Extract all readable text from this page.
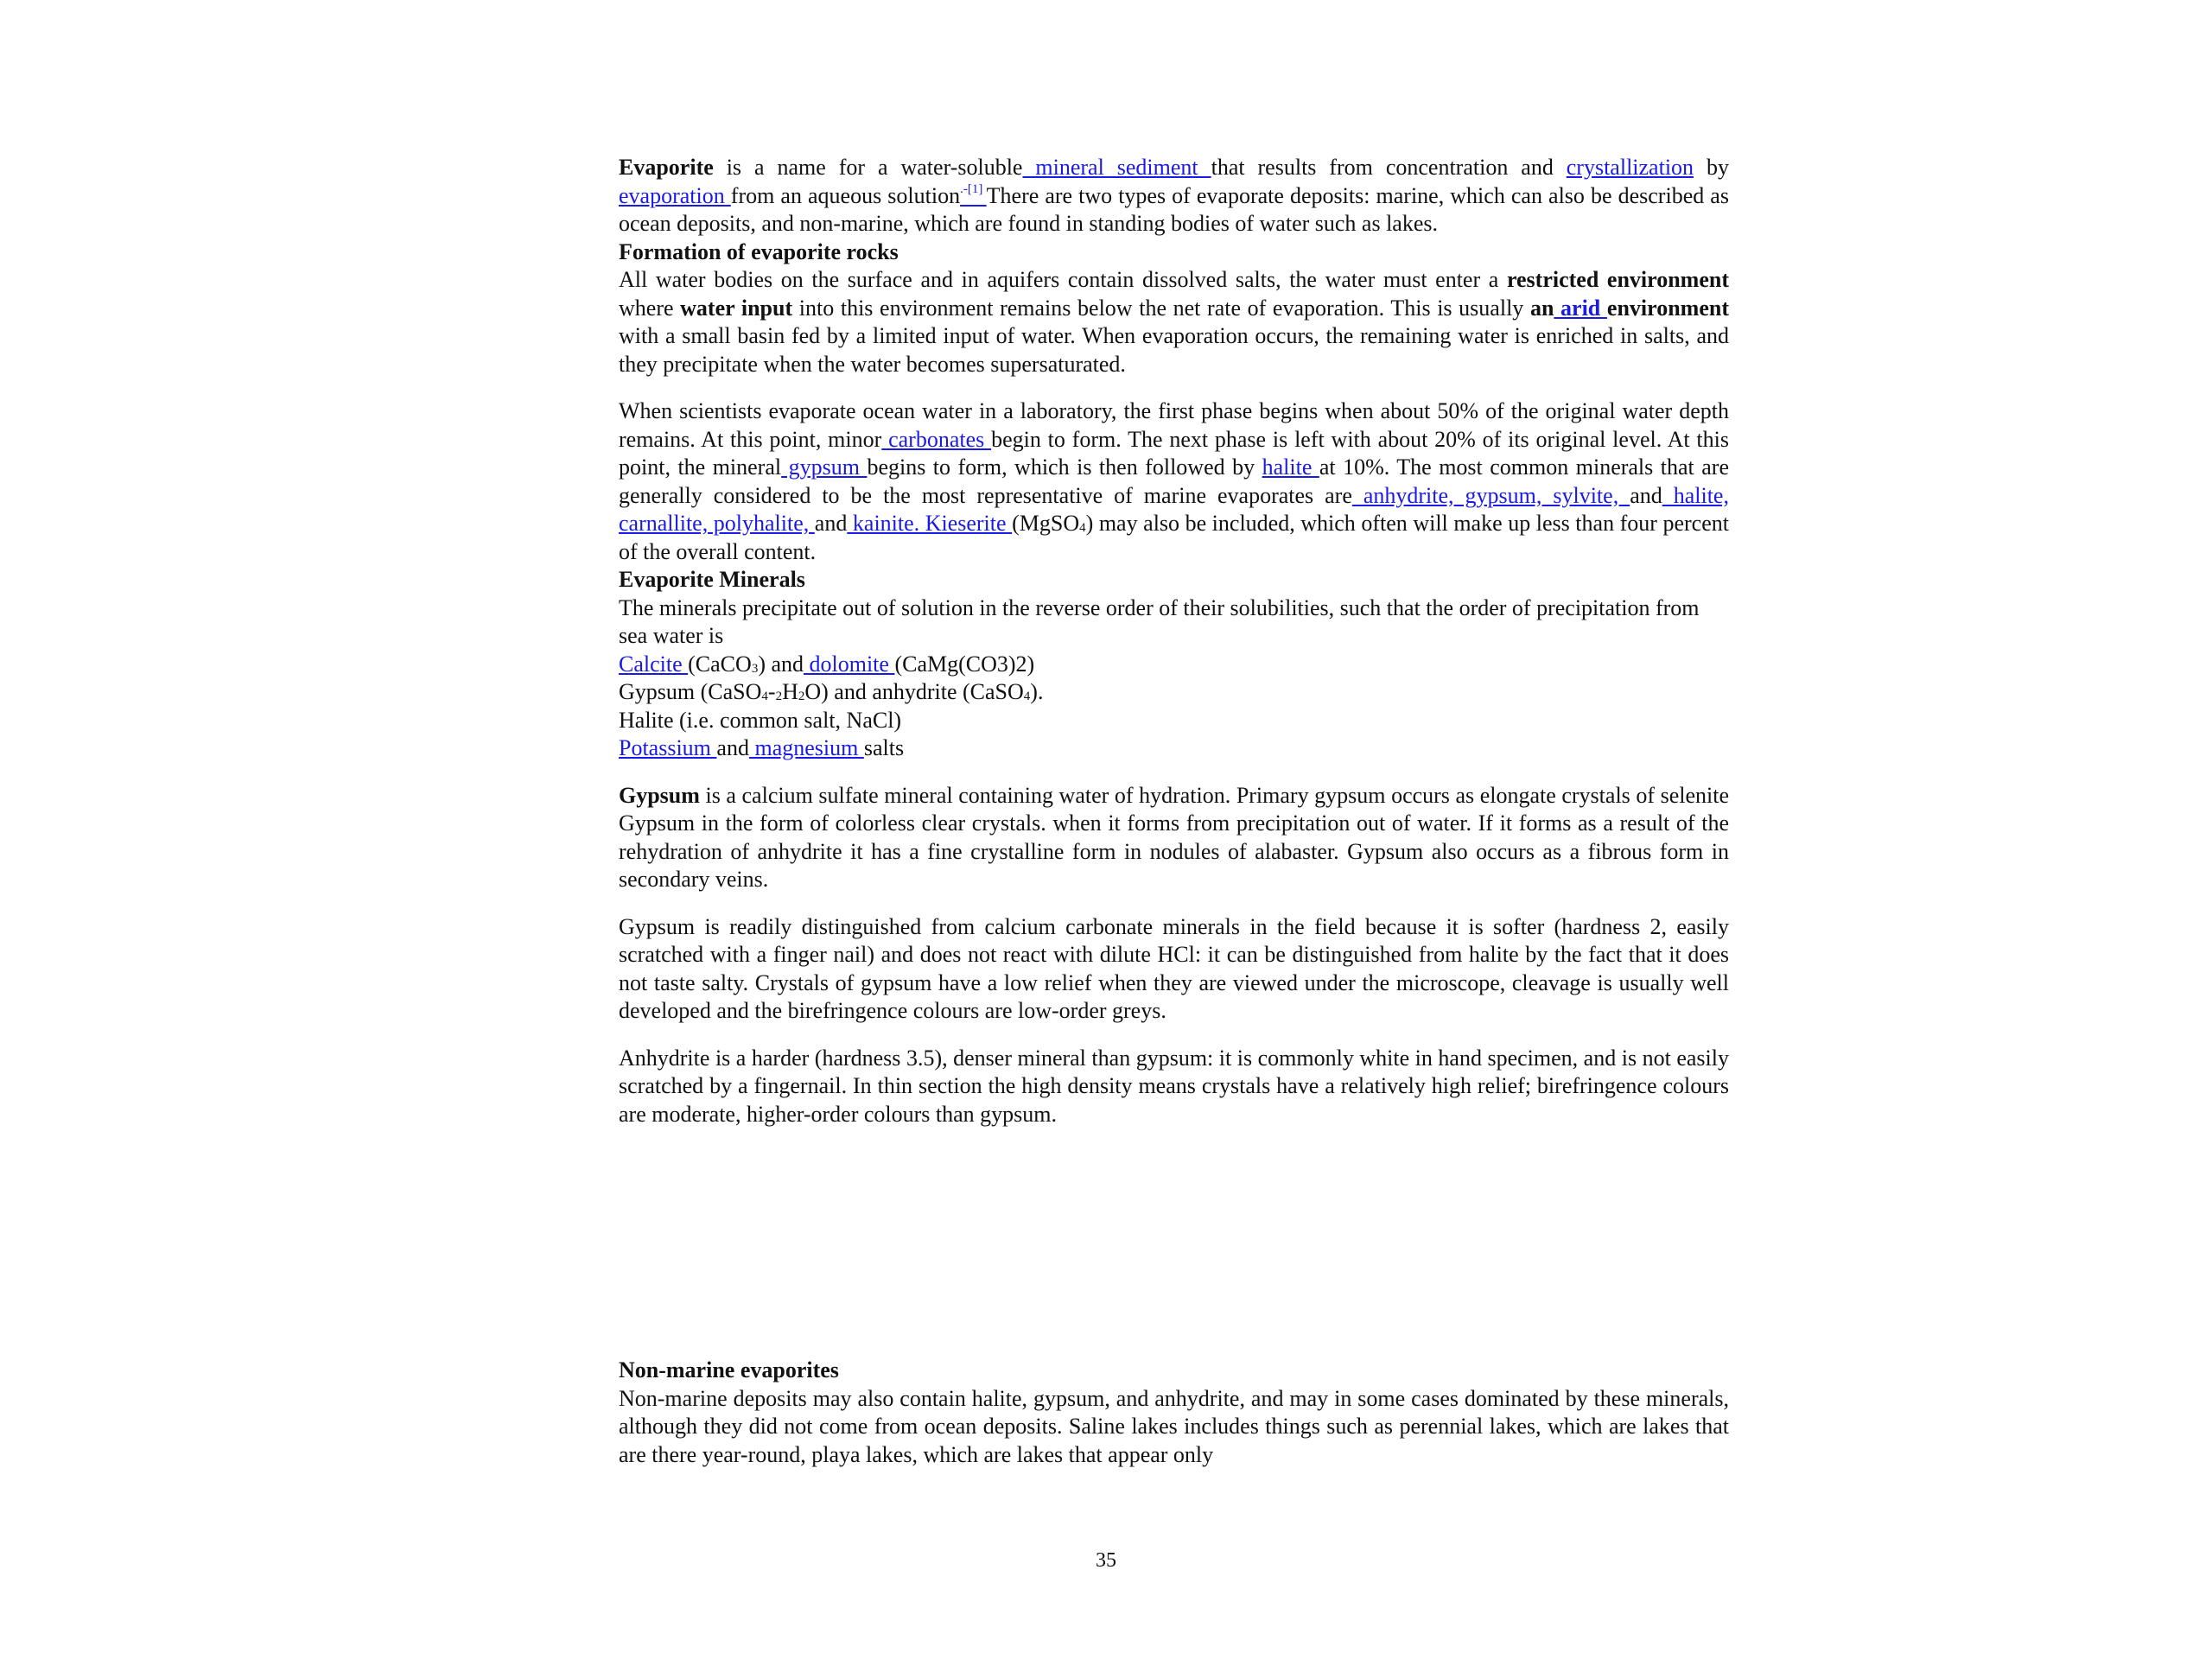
Evaporite is a name for a water-soluble mineral sediment that results from concentration and crystallization by evaporation from an aqueous solution$^{.-[1]}$ There are two types of evaporate deposits: marine, which can also be described as ocean deposits, and non-marine, which are found in standing bodies of water such as lakes.

Formation of evaporite rocks

All water bodies on the surface and in aquifers contain dissolved salts, the water must enter a restricted environment where water input into this environment remains below the net rate of evaporation. This is usually an arid environment with a small basin fed by a limited input of water. When evaporation occurs, the remaining water is enriched in salts, and they precipitate when the water becomes supersaturated.

When scientists evaporate ocean water in a laboratory, the first phase begins when about 50% of the original water depth remains. At this point, minor carbonates begin to form. The next phase is left with about 20% of its original level. At this point, the mineral gypsum begins to form, which is then followed by halite at 10%. The most common minerals that are generally considered to be the most representative of marine evaporates are anhydrite, gypsum, sylvite, and halite, carnallite, polyhalite, and kainite. Kieserite (MgSO$_4$) may also be included, which often will make up less than four percent of the overall content.

Evaporite Minerals

The minerals precipitate out of solution in the reverse order of their solubilities, such that the order of precipitation from sea water is

Calcite (CaCO$_3$) and dolomite (CaMg(CO3)2)

Gypsum $(CaSO_4-_2H_2O)$ and anhydrite (CaSO$_4$).

Halite (i.e. common salt, NaCl)

Potassium and magnesium salts

Gypsum is a calcium sulfate mineral containing water of hydration. Primary gypsum occurs as elongate crystals of selenite Gypsum in the form of colorless clear crystals. when it forms from precipitation out of water. If it forms as a result of the rehydration of anhydrite it has a fine crystalline form in nodules of alabaster. Gypsum also occurs as a fibrous form in secondary veins.

Gypsum is readily distinguished from calcium carbonate minerals in the field because it is softer (hardness 2, easily scratched with a finger nail) and does not react with dilute HCl: it can be distinguished from halite by the fact that it does not taste salty. Crystals of gypsum have a low relief when they are viewed under the microscope, cleavage is usually well developed and the birefringence colours are low-order greys.

Anhydrite is a harder (hardness 3.5), denser mineral than gypsum: it is commonly white in hand specimen, and is not easily scratched by a fingernail. In thin section the high density means crystals have a relatively high relief; birefringence colours are moderate, higher-order colours than gypsum.

Non-marine evaporites

Non-marine deposits may also contain halite, gypsum, and anhydrite, and may in some cases dominated by these minerals, although they did not come from ocean deposits. Saline lakes includes things such as perennial lakes, which are lakes that are there year-round, playa lakes, which are lakes that appear only

35
